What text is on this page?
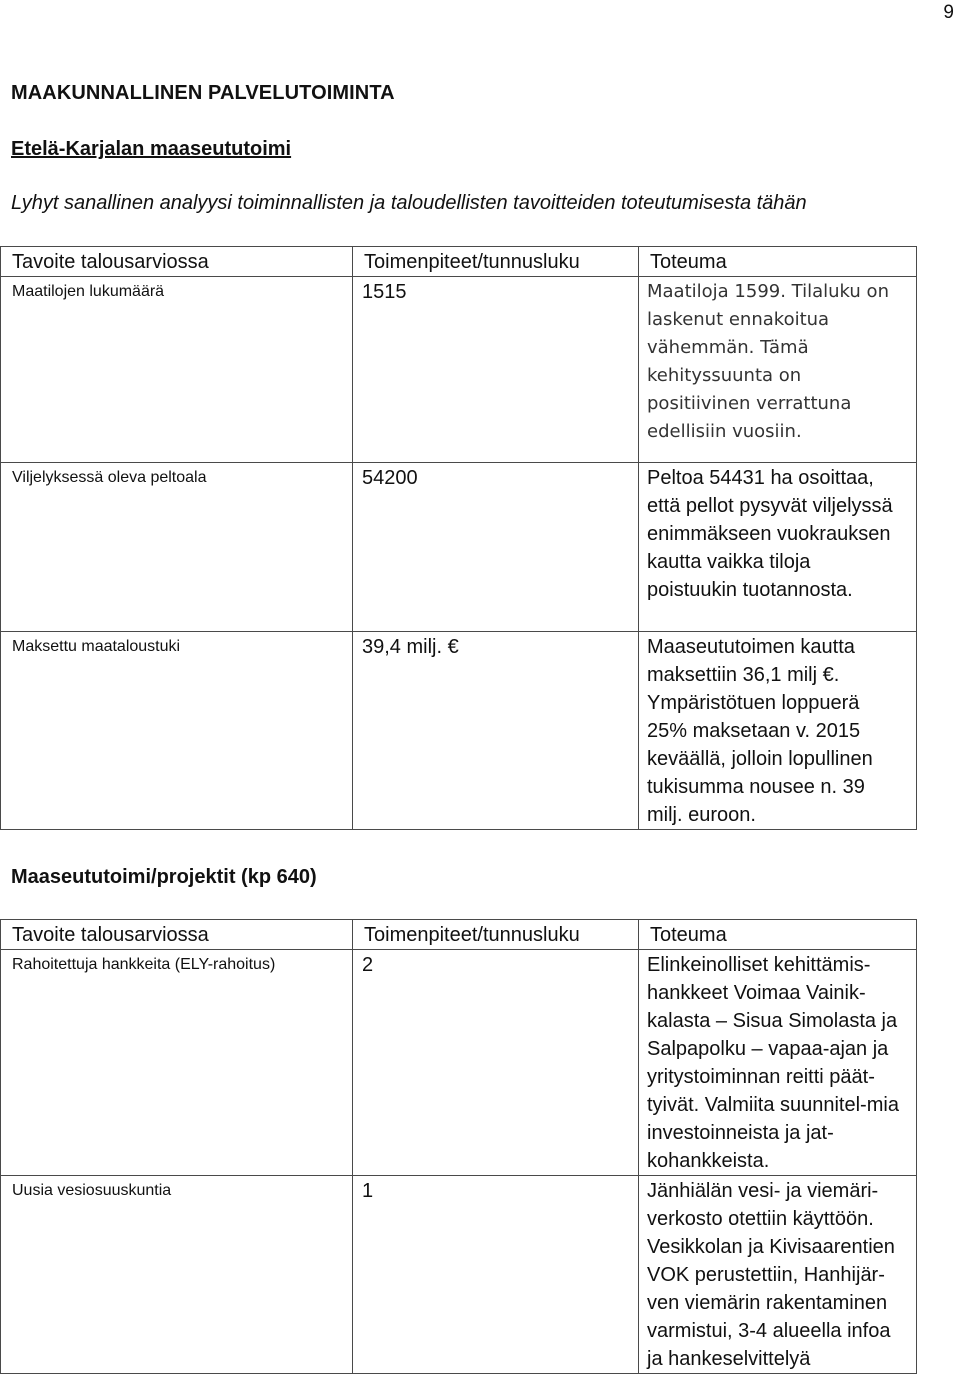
9
MAAKUNNALLINEN PALVELUTOIMINTA
Etelä-Karjalan maaseututoimi

Lyhyt sanallinen analyysi toiminnallisten ja taloudellisten tavoitteiden toteutumisesta tähän

Tavoite talousarviossa	Toimenpiteet/tunnusluku	Toteuma
Maatilojen lukumäärä	1515	Maatiloja 1599. Tilaluku on laskenut ennakoitua vähemmän. Tämä kehityssuunta on positiivinen verrattuna edellisiin vuosiin.
Viljelyksessä oleva peltoala	54200	Peltoa 54431 ha osoittaa, että pellot pysyvät viljelyssä enimmäkseen vuokrauksen kautta vaikka tiloja poistuukin tuotannosta.
Maksettu maataloustuki	39,4 milj. €	Maaseututoimen kautta maksettiin 36,1 milj €. Ympäristötuen loppuerä 25% maksetaan v. 2015 keväällä, jolloin lopullinen tukisumma nousee n. 39 milj. euroon.
Maaseututoimi/projektit (kp 640)
Tavoite talousarviossa	Toimenpiteet/tunnusluku	Toteuma
Rahoitettuja hankkeita (ELY-rahoitus)	2	Elinkeinolliset kehittämis-hankkeet Voimaa Vainik-kalasta – Sisua Simolasta ja Salpapolku – vapaa-ajan ja yritystoiminnan reitti päät-tyivät. Valmiita suunnitel-mia investoinneista ja jat-kohankkeista.
Uusia vesiosuuskuntia	1	Jänhiälän vesi- ja viemäri-verkosto otettiin käyttöön. Vesikkolan ja Kivisaarentien VOK perustettiin, Hanhijär-ven viemärin rakentaminen varmistui, 3-4 alueella infoa ja hankeselvittelyä
